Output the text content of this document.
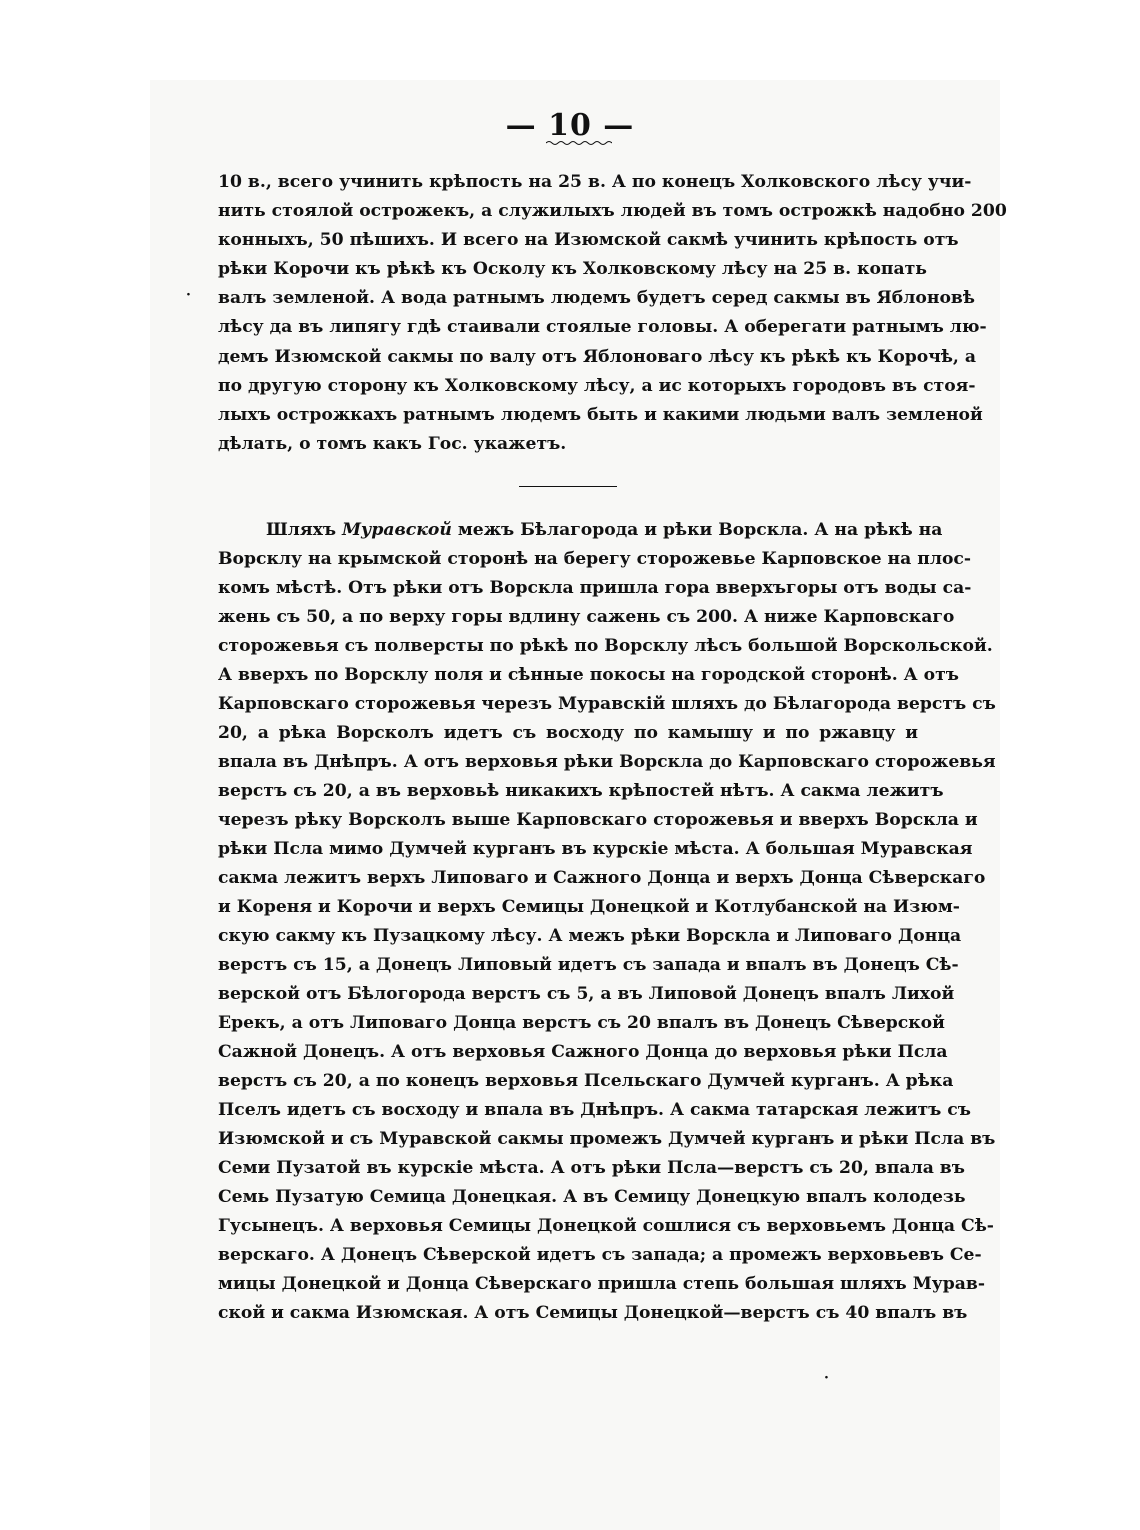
— 10 —
10 в., всего учинить крѣпость на 25 в. А по конецъ Холковского лѣсу учи-
нить стоялой острожекъ, а служилыхъ людей въ томъ острожкѣ надобно 200
конныхъ, 50 пѣшихъ. И всего на Изюмской сакмѣ учинить крѣпость отъ
рѣки Корочи къ рѣкѣ къ Осколу къ Холковскому лѣсу на 25 в. копать
валъ земленой. А вода ратнымъ людемъ будетъ серед сакмы въ Яблоновѣ
лѣсу да въ липягу гдѣ стаивали стоялые головы. А оберегати ратнымъ лю-
демъ Изюмской сакмы по валу отъ Яблоноваго лѣсу къ рѣкѣ къ Корочѣ, а
по другую сторону къ Холковскому лѣсу, а ис которыхъ городовъ въ стоя-
лыхъ острожкахъ ратнымъ людемъ быть и какими людьми валъ земленой
дѣлать, о томъ какъ Гос. укажетъ.
Шляхъ Муравской межъ Бѣлагорода и рѣки Ворскла. А на рѣкѣ на
Ворсклу на крымской сторонѣ на берегу сторожевье Карповское на плос-
комъ мѣстѣ. Отъ рѣки отъ Ворскла пришла гора вверхъгоры отъ воды са-
жень съ 50, а по верху горы вдлину сажень съ 200. А ниже Карповскаго
сторожевья съ полверсты по рѣкѣ по Ворсклу лѣсъ большой Ворскольской.
А вверхъ по Ворсклу поля и сѣнные покосы на городской сторонѣ. А отъ
Карповскаго сторожевья черезъ Муравскiй шляхъ до Бѣлагорода верстъ съ
20, а рѣка Ворсколъ идетъ съ восходу по камышу и по ржавцу и
впала въ Днѣпръ. А отъ верховья рѣки Ворскла до Карповскаго сторожевья
верстъ съ 20, а въ верховьѣ никакихъ крѣпостей нѣтъ. А сакма лежитъ
черезъ рѣку Ворсколъ выше Карповскаго сторожевья и вверхъ Ворскла и
рѣки Псла мимо Думчей курганъ въ курскiе мѣста. А большая Муравская
сакма лежитъ верхъ Липоваго и Сажного Донца и верхъ Донца Сѣверскаго
и Кореня и Корочи и верхъ Семицы Донецкой и Котлубанской на Изюм-
скую сакму къ Пузацкому лѣсу. А межъ рѣки Ворскла и Липоваго Донца
верстъ съ 15, а Донецъ Липовый идетъ съ запада и впалъ въ Донецъ Сѣ-
верской отъ Бѣлогорода верстъ съ 5, а въ Липовой Донецъ впалъ Лихой
Ерекъ, а отъ Липоваго Донца верстъ съ 20 впалъ въ Донецъ Сѣверской
Сажной Донецъ. А отъ верховья Сажного Донца до верховья рѣки Псла
верстъ съ 20, а по конецъ верховья Псельскаго Думчей курганъ. А рѣка
Пселъ идетъ съ восходу и впала въ Днѣпръ. А сакма татарская лежитъ съ
Изюмской и съ Муравской сакмы промежъ Думчей курганъ и рѣки Псла въ
Семи Пузатой въ курскiе мѣста. А отъ рѣки Псла—верстъ съ 20, впала въ
Семь Пузатую Семица Донецкая. А въ Семицу Донецкую впалъ колодезь
Гусынецъ. А верховья Семицы Донецкой сошлися съ верховьемъ Донца Сѣ-
верскаго. А Донецъ Сѣверской идетъ съ запада; а промежъ верховьевъ Се-
мицы Донецкой и Донца Сѣверскаго пришла степь большая шляхъ Мурав-
ской и сакма Изюмская. А отъ Семицы Донецкой—верстъ съ 40 впалъ въ
·
·
